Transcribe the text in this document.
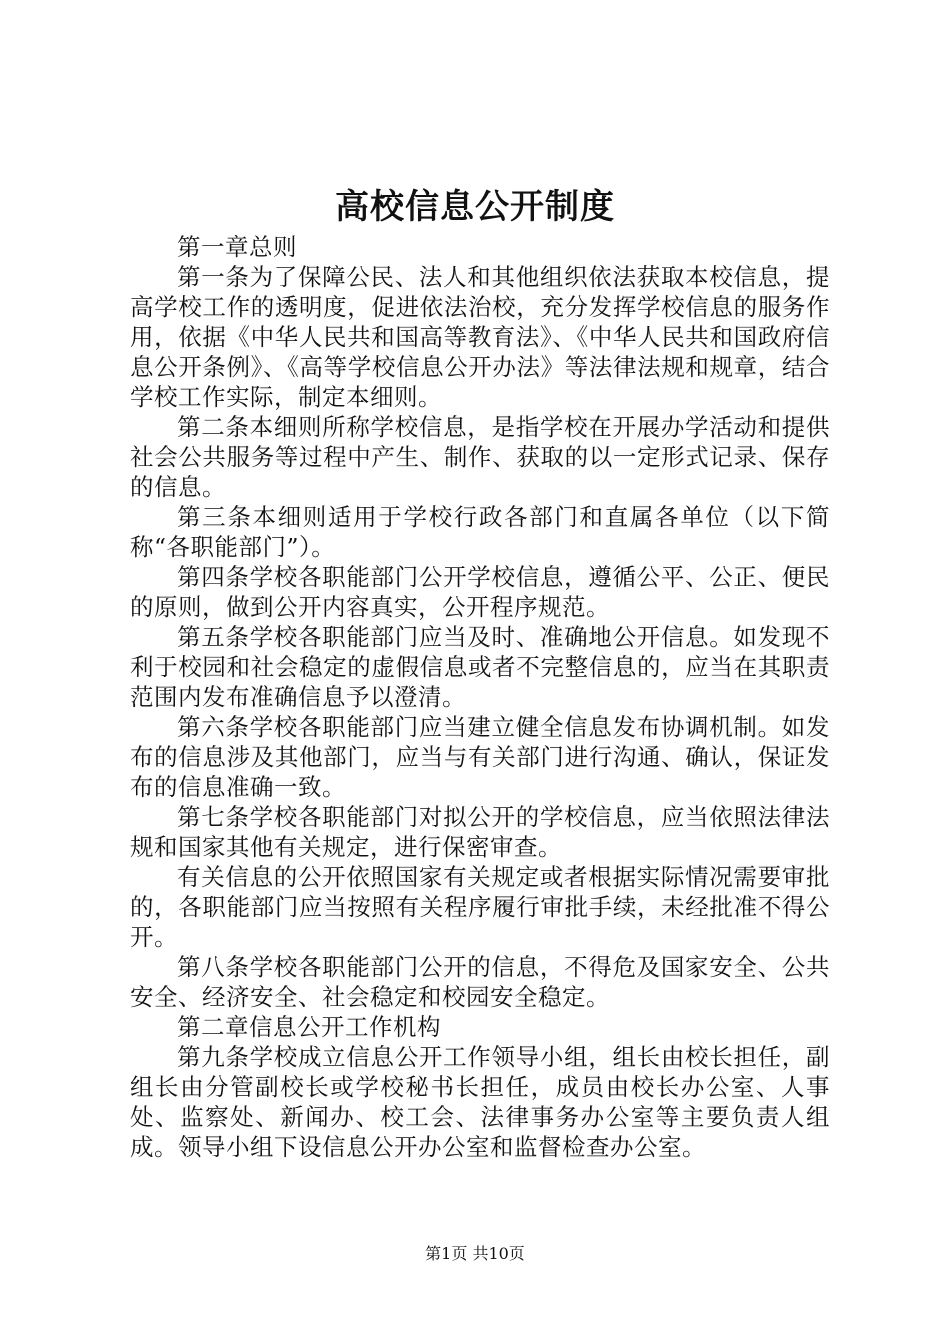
高校信息公开制度

第一章总则

第一条为了保障公民、法人和其他组织依法获取本校信息，提高学校工作的透明度，促进依法治校，充分发挥学校信息的服务作用，依据《中华人民共和国高等教育法》、《中华人民共和国政府信息公开条例》、《高等学校信息公开办法》等法律法规和规章，结合学校工作实际，制定本细则。

第二条本细则所称学校信息，是指学校在开展办学活动和提供社会公共服务等过程中产生、制作、获取的以一定形式记录、保存的信息。

第三条本细则适用于学校行政各部门和直属各单位（以下简称“各职能部门”）。

第四条学校各职能部门公开学校信息，遵循公平、公正、便民的原则，做到公开内容真实，公开程序规范。

第五条学校各职能部门应当及时、准确地公开信息。如发现不利于校园和社会稳定的虚假信息或者不完整信息的，应当在其职责范围内发布准确信息予以澄清。

第六条学校各职能部门应当建立健全信息发布协调机制。如发布的信息涉及其他部门，应当与有关部门进行沟通、确认，保证发布的信息准确一致。

第七条学校各职能部门对拟公开的学校信息，应当依照法律法规和国家其他有关规定，进行保密审查。

有关信息的公开依照国家有关规定或者根据实际情况需要审批的，各职能部门应当按照有关程序履行审批手续，未经批准不得公开。

第八条学校各职能部门公开的信息，不得危及国家安全、公共安全、经济安全、社会稳定和校园安全稳定。

第二章信息公开工作机构

第九条学校成立信息公开工作领导小组，组长由校长担任，副组长由分管副校长或学校秘书长担任，成员由校长办公室、人事处、监察处、新闻办、校工会、法律事务办公室等主要负责人组成。领导小组下设信息公开办公室和监督检查办公室。

第1页 共10页
